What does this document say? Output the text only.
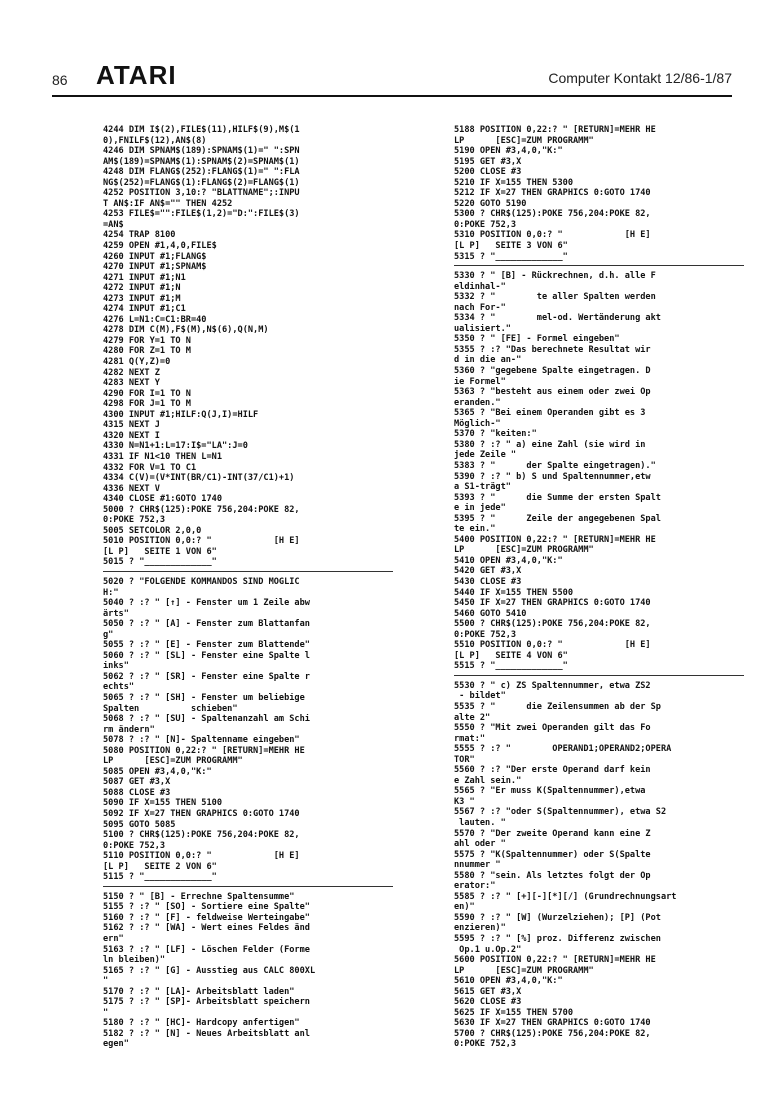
86 ATARI	Computer Kontakt 12/86-1/87
4244 DIM I$(2),FILE$(11),HILF$(9),M$(1
0),FNILF$(12),AN$(8)
4246 DIM SPNAM$(189):SPNAM$(1)=" ":SPN
AM$(189)=SPNAM$(1):SPNAM$(2)=SPNAM$(1)
4248 DIM FLANG$(252):FLANG$(1)=" ":FLA
NG$(252)=FLANG$(1):FLANG$(2)=FLANG$(1)
4252 POSITION 3,10:? "BLATTNAME";:INPU
T AN$:IF AN$="" THEN 4252
4253 FILE$="":FILE$(1,2)="D:":FILE$(3)
=AN$
4254 TRAP 8100
4259 OPEN #1,4,0,FILE$
4260 INPUT #1;FLANG$
4270 INPUT #1;SPNAM$
4271 INPUT #1;N1
4272 INPUT #1;N
4273 INPUT #1;M
4274 INPUT #1;C1
4276 L=N1:C=C1:BR=40
4278 DIM C(M),F$(M),N$(6),Q(N,M)
4279 FOR Y=1 TO N
4280 FOR Z=1 TO M
4281 Q(Y,Z)=0
4282 NEXT Z
4283 NEXT Y
4290 FOR I=1 TO N
4298 FOR J=1 TO M
4300 INPUT #1;HILF:Q(J,I)=HILF
4315 NEXT J
4320 NEXT I
4330 N=N1+1:L=17:I$="LA":J=0
4331 IF N1<10 THEN L=N1
4332 FOR V=1 TO C1
4334 C(V)=(V*INT(BR/C1)-INT(37/C1)+1)
4336 NEXT V
4340 CLOSE #1:GOTO 1740
5000 ? CHR$(125):POKE 756,204:POKE 82,
0:POKE 752,3
5005 SETCOLOR 2,0,0
5010 POSITION 0,0:? "            [H E]
[L P]   SEITE 1 VON 6"
5015 ? "_____________"
5020 ? "FOLGENDE KOMMANDOS SIND MÖGLIC
H:"
5040 ? :? " [↑] - Fenster um 1 Zeile abw
ärts"
5050 ? :? " [A] - Fenster zum Blattanfan
g"
5055 ? :? " [E] - Fenster zum Blattende"
5060 ? :? " [SL] - Fenster eine Spalte l
inks"
5062 ? :? " [SR] - Fenster eine Spalte r
echts"
5065 ? :? " [SH] - Fenster um beliebige
Spalten          schieben"
5068 ? :? " [SU] - Spaltenanzahl am Schi
rm ändern"
5078 ? :? " [N]- Spaltenname eingeben"
5080 POSITION 0,22:? " [RETURN]=MEHR HE
LP      [ESC]=ZUM PROGRAMM"
5085 OPEN #3,4,0,"K:"
5087 GET #3,X
5088 CLOSE #3
5090 IF X=155 THEN 5100
5092 IF X=27 THEN GRAPHICS 0:GOTO 1740
5095 GOTO 5085
5100 ? CHR$(125):POKE 756,204:POKE 82,
0:POKE 752,3
5110 POSITION 0,0:? "            [H E]
[L P]   SEITE 2 VON 6"
5115 ? "_____________"
5150 ? " [B] - Errechne Spaltensumme"
5155 ? :? " [SO] - Sortiere eine Spalte"
5160 ? :? " [F] - feldweise Werteingabe"
5162 ? :? " [WA] - Wert eines Feldes änd
ern"
5163 ? :? " [LF] - Löschen Felder (Forme
ln bleiben)"
5165 ? :? " [G] - Ausstieg aus CALC 800XL
"
5170 ? :? " [LA]- Arbeitsblatt laden"
5175 ? :? " [SP]- Arbeitsblatt speichern
"
5180 ? :? " [HC]- Hardcopy anfertigen"
5182 ? :? " [N] - Neues Arbeitsblatt anl
egen"
5188 POSITION 0,22:? " [RETURN]=MEHR HE
LP      [ESC]=ZUM PROGRAMM"
5190 OPEN #3,4,0,"K:"
5195 GET #3,X
5200 CLOSE #3
5210 IF X=155 THEN 5300
5212 IF X=27 THEN GRAPHICS 0:GOTO 1740
5220 GOTO 5190
5300 ? CHR$(125):POKE 756,204:POKE 82,
0:POKE 752,3
5310 POSITION 0,0:? "            [H E]
[L P]   SEITE 3 VON 6"
5315 ? "_____________"
5330 ? " [B] - Rückrechnen, d.h. alle F
eldinhal-"
5332 ? "        te aller Spalten werden
nach For-"
5334 ? "        mel-od. Wertänderung akt
ualisiert."
5350 ? " [FE] - Formel eingeben"
5355 ? :? "Das berechnete Resultat wir
d in die an-"
5360 ? "gegebene Spalte eingetragen. D
ie Formel"
5363 ? "besteht aus einem oder zwei Op
eranden."
5365 ? "Bei einem Operanden gibt es 3
Möglich-"
5370 ? "keiten:"
5380 ? :? " a) eine Zahl (sie wird in
jede Zeile "
5383 ? "      der Spalte eingetragen)."
5390 ? :? " b) S und Spaltennummer,etw
a S1-trägt"
5393 ? "      die Summe der ersten Spalt
e in jede"
5395 ? "      Zeile der angegebenen Spal
te ein."
5400 POSITION 0,22:? " [RETURN]=MEHR HE
LP      [ESC]=ZUM PROGRAMM"
5410 OPEN #3,4,0,"K:"
5420 GET #3,X
5430 CLOSE #3
5440 IF X=155 THEN 5500
5450 IF X=27 THEN GRAPHICS 0:GOTO 1740
5460 GOTO 5410
5500 ? CHR$(125):POKE 756,204:POKE 82,
0:POKE 752,3
5510 POSITION 0,0:? "            [H E]
[L P]   SEITE 4 VON 6"
5515 ? "_____________"
5530 ? " c) ZS Spaltennummer, etwa ZS2
- bildet"
5535 ? "      die Zeilensummen ab der Sp
alte 2"
5550 ? "Mit zwei Operanden gilt das Fo
rmat:"
5555 ? :? "        OPERAND1;OPERAND2;OPERA
TOR"
5560 ? :? "Der erste Operand darf kein
e Zahl sein."
5565 ? "Er muss K(Spaltennummer),etwa
K3 "
5567 ? :? "oder S(Spaltennummer), etwa S2
lauten. "
5570 ? "Der zweite Operand kann eine Z
ahl oder "
5575 ? "K(Spaltennummer) oder S(Spalte
nnummer "
5580 ? "sein. Als letztes folgt der Op
erator:"
5585 ? :? " [+][-][*][/] (Grundrechnungsart
en)"
5590 ? :? " [W] (Wurzelziehen); [P] (Pot
enzieren)"
5595 ? :? " [%] proz. Differenz zwischen
Op.1 u.Op.2"
5600 POSITION 0,22:? " [RETURN]=MEHR HE
LP      [ESC]=ZUM PROGRAMM"
5610 OPEN #3,4,0,"K:"
5615 GET #3,X
5620 CLOSE #3
5625 IF X=155 THEN 5700
5630 IF X=27 THEN GRAPHICS 0:GOTO 1740
5700 ? CHR$(125):POKE 756,204:POKE 82,
0:POKE 752,3
